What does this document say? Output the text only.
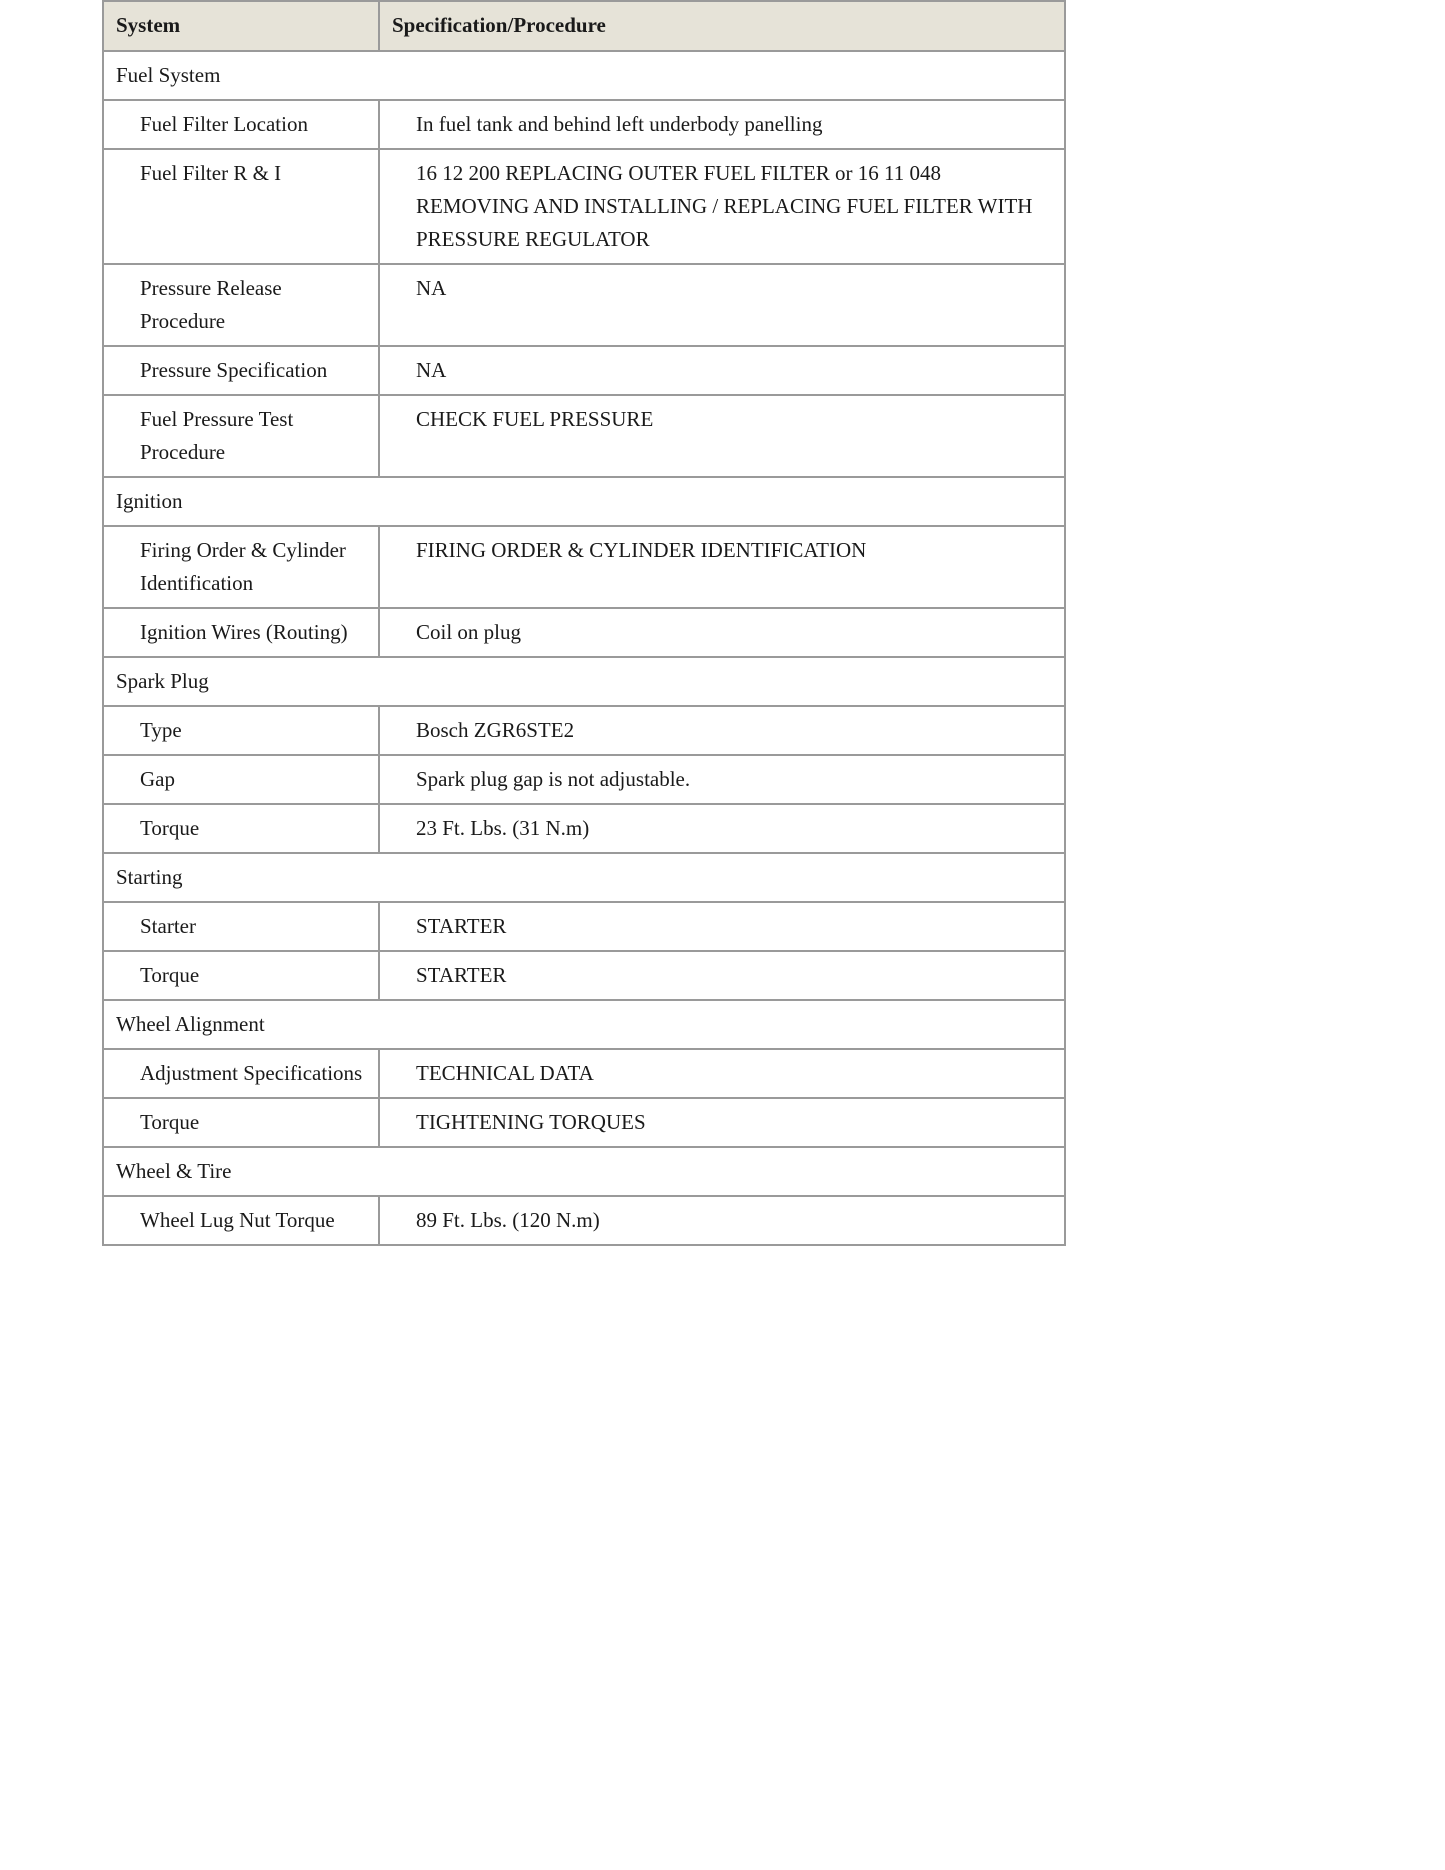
System	Specification/Procedure
Fuel System	
Fuel Filter Location	In fuel tank and behind left underbody panelling
Fuel Filter R & I	16 12 200 REPLACING OUTER FUEL FILTER or 16 11 048 REMOVING AND INSTALLING / REPLACING FUEL FILTER WITH PRESSURE REGULATOR
Pressure Release Procedure	NA
Pressure Specification	NA
Fuel Pressure Test Procedure	CHECK FUEL PRESSURE
Ignition	
Firing Order & Cylinder Identification	FIRING ORDER & CYLINDER IDENTIFICATION
Ignition Wires (Routing)	Coil on plug
Spark Plug	
Type	Bosch ZGR6STE2
Gap	Spark plug gap is not adjustable.
Torque	23 Ft. Lbs. (31 N.m)
Starting	
Starter	STARTER
Torque	STARTER
Wheel Alignment	
Adjustment Specifications	TECHNICAL DATA
Torque	TIGHTENING TORQUES
Wheel & Tire	
Wheel Lug Nut Torque	89 Ft. Lbs. (120 N.m)
